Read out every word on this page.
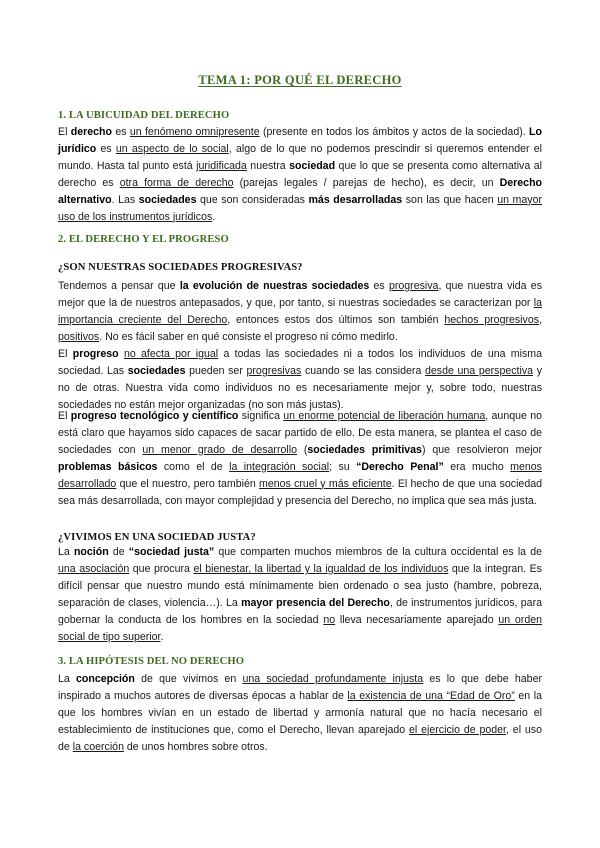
TEMA 1: POR QUÉ EL DERECHO
1. LA UBICUIDAD DEL DERECHO
El derecho es un fenómeno omnipresente (presente en todos los ámbitos y actos de la sociedad). Lo jurídico es un aspecto de lo social, algo de lo que no podemos prescindir si queremos entender el mundo. Hasta tal punto está juridificada nuestra sociedad que lo que se presenta como alternativa al derecho es otra forma de derecho (parejas legales / parejas de hecho), es decir, un Derecho alternativo. Las sociedades que son consideradas más desarrolladas son las que hacen un mayor uso de los instrumentos jurídicos.
2. EL DERECHO Y EL PROGRESO
¿SON NUESTRAS SOCIEDADES PROGRESIVAS?
Tendemos a pensar que la evolución de nuestras sociedades es progresiva, que nuestra vida es mejor que la de nuestros antepasados, y que, por tanto, si nuestras sociedades se caracterizan por la importancia creciente del Derecho, entonces estos dos últimos son también hechos progresivos, positivos. No es fácil saber en qué consiste el progreso ni cómo medirlo.
El progreso no afecta por igual a todas las sociedades ni a todos los individuos de una misma sociedad. Las sociedades pueden ser progresivas cuando se las considera desde una perspectiva y no de otras. Nuestra vida como individuos no es necesariamente mejor y, sobre todo, nuestras sociedades no están mejor organizadas (no son más justas).
El progreso tecnológico y científico significa un enorme potencial de liberación humana, aunque no está claro que hayamos sido capaces de sacar partido de ello. De esta manera, se plantea el caso de sociedades con un menor grado de desarrollo (sociedades primitivas) que resolvieron mejor problemas básicos como el de la integración social; su “Derecho Penal” era mucho menos desarrollado que el nuestro, pero también menos cruel y más eficiente. El hecho de que una sociedad sea más desarrollada, con mayor complejidad y presencia del Derecho, no implica que sea más justa.
¿VIVIMOS EN UNA SOCIEDAD JUSTA?
La noción de “sociedad justa” que comparten muchos miembros de la cultura occidental es la de una asociación que procura el bienestar, la libertad y la igualdad de los individuos que la integran. Es difícil pensar que nuestro mundo está mínimamente bien ordenado o sea justo (hambre, pobreza, separación de clases, violencia…). La mayor presencia del Derecho, de instrumentos jurídicos, para gobernar la conducta de los hombres en la sociedad no lleva necesariamente aparejado un orden social de tipo superior.
3. LA HIPÓTESIS DEL NO DERECHO
La concepción de que vivimos en una sociedad profundamente injusta es lo que debe haber inspirado a muchos autores de diversas épocas a hablar de la existencia de una “Edad de Oro” en la que los hombres vivían en un estado de libertad y armonía natural que no hacía necesario el establecimiento de instituciones que, como el Derecho, llevan aparejado el ejercicio de poder, el uso de la coerción de unos hombres sobre otros.
